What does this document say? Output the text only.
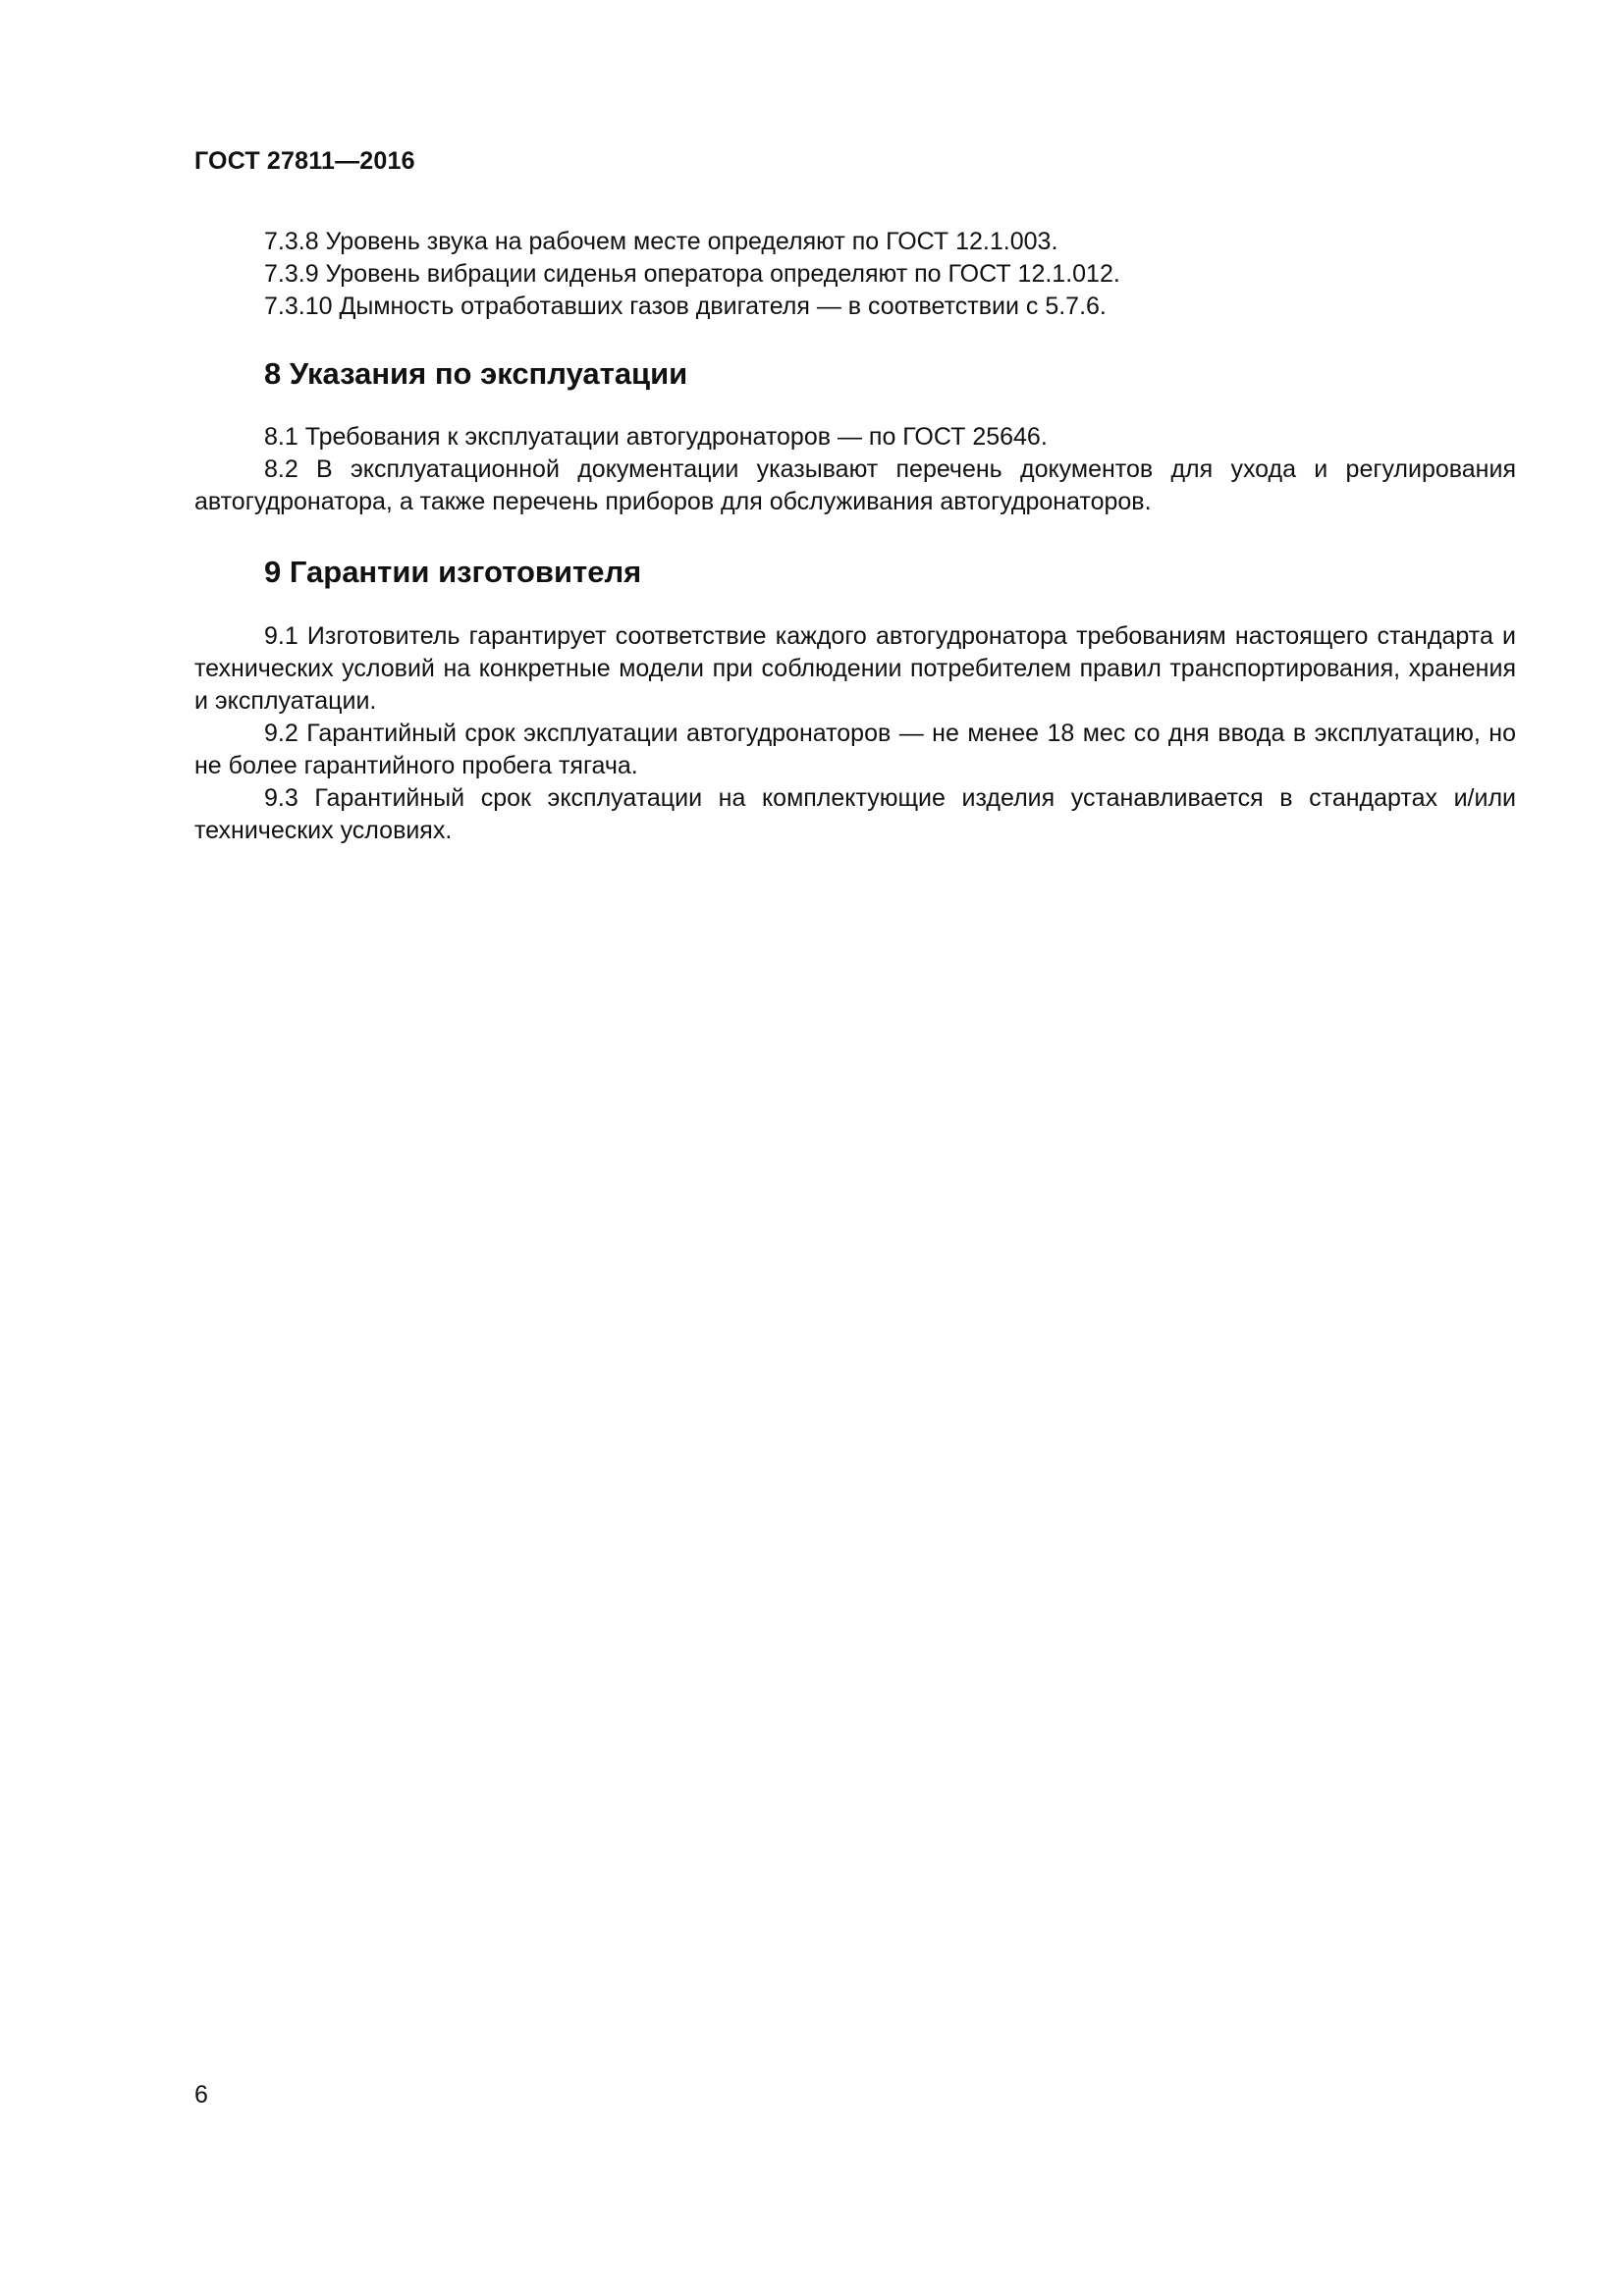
ГОСТ 27811—2016

7.3.8 Уровень звука на рабочем месте определяют по ГОСТ 12.1.003.

7.3.9 Уровень вибрации сиденья оператора определяют по ГОСТ 12.1.012.

7.3.10 Дымность отработавших газов двигателя — в соответствии с 5.7.6.

8 Указания по эксплуатации

8.1 Требования к эксплуатации автогудронаторов — по ГОСТ 25646.

8.2 В эксплуатационной документации указывают перечень документов для ухода и регулирования автогудронатора, а также перечень приборов для обслуживания автогудронаторов.

9 Гарантии изготовителя

9.1 Изготовитель гарантирует соответствие каждого автогудронатора требованиям настоящего стандарта и технических условий на конкретные модели при соблюдении потребителем правил транспортирования, хранения и эксплуатации.

9.2 Гарантийный срок эксплуатации автогудронаторов — не менее 18 мес со дня ввода в эксплуатацию, но не более гарантийного пробега тягача.

9.3 Гарантийный срок эксплуатации на комплектующие изделия устанавливается в стандартах и/или технических условиях.

6
